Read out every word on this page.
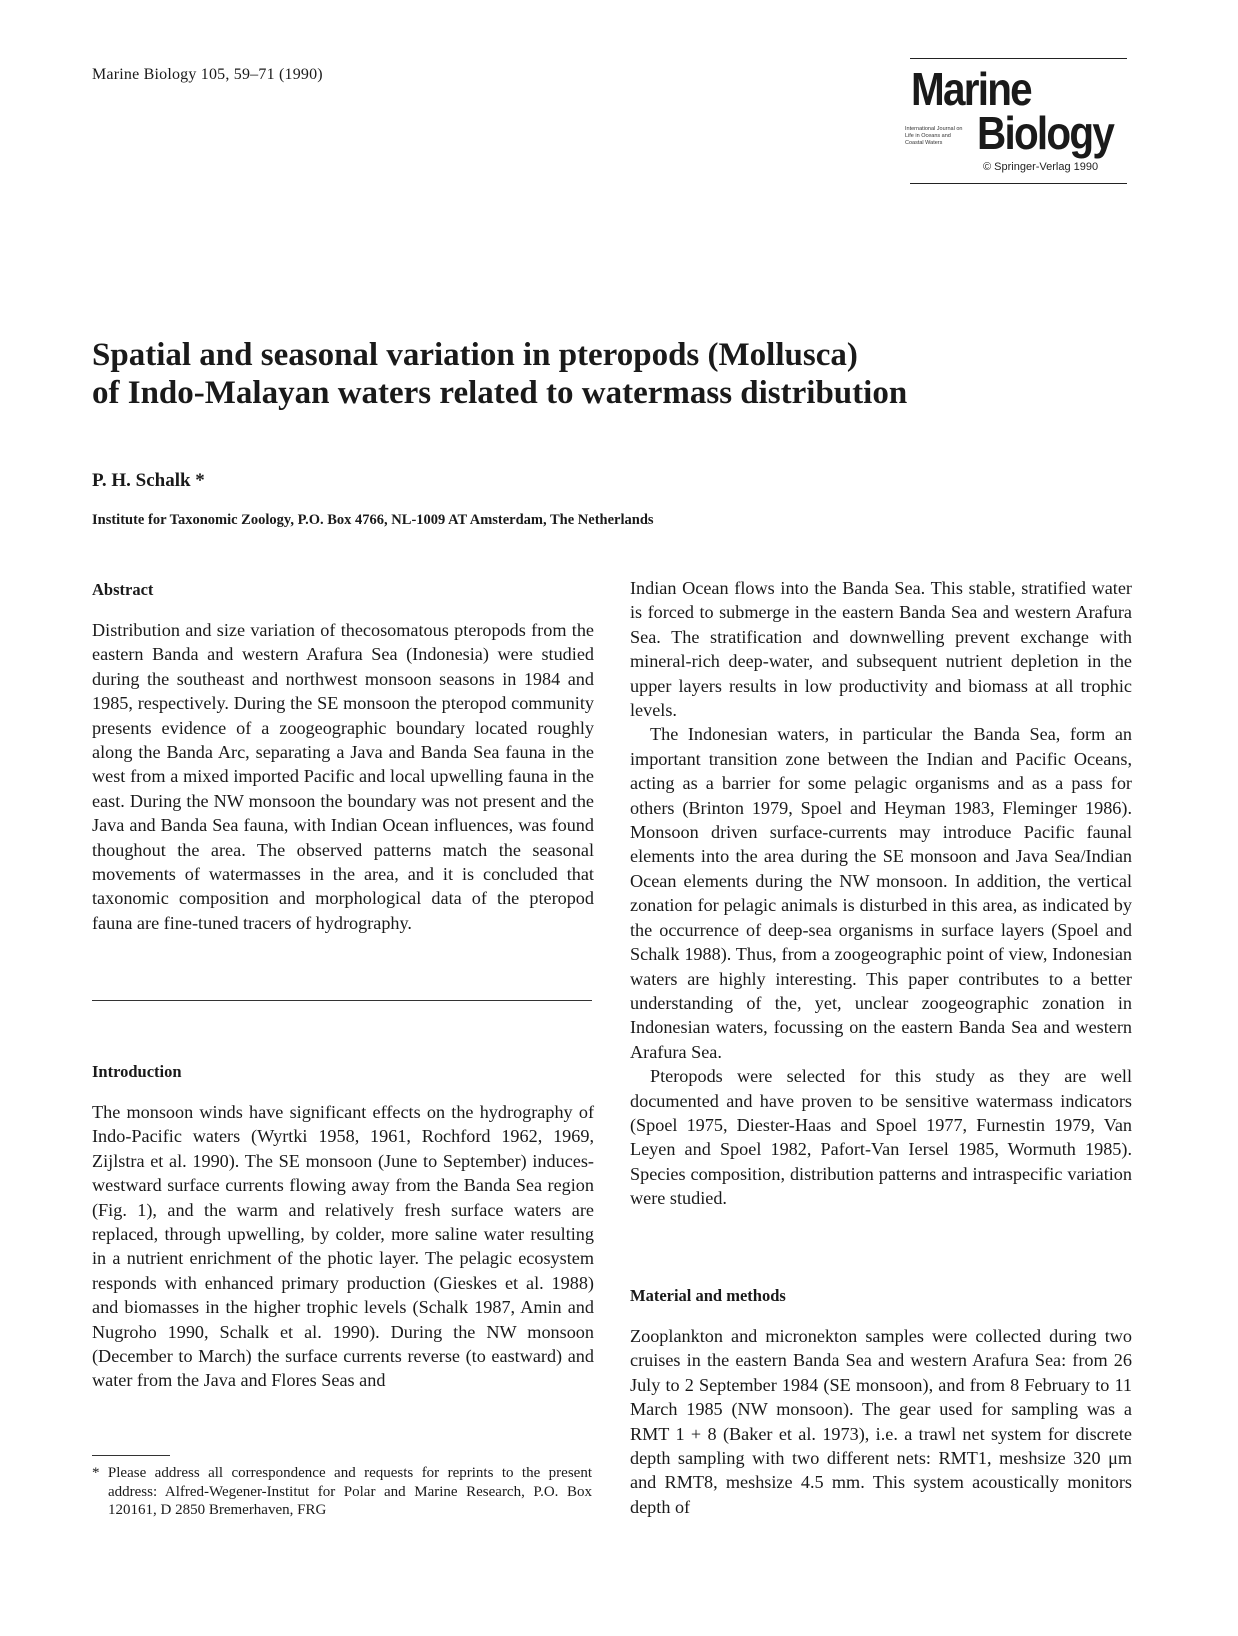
Marine Biology 105, 59–71 (1990)	Marine
International Journal on Life in Oceans and Coastal Waters Biology
© Springer-Verlag 1990
Spatial and seasonal variation in pteropods (Mollusca)
of Indo-Malayan waters related to watermass distribution
P. H. Schalk *
Institute for Taxonomic Zoology, P.O. Box 4766, NL-1009 AT Amsterdam, The Netherlands
Abstract

Distribution and size variation of thecosomatous pteropods from the eastern Banda and western Arafura Sea (Indonesia) were studied during the southeast and northwest monsoon seasons in 1984 and 1985, respectively. During the SE monsoon the pteropod community presents evidence of a zoogeographic boundary located roughly along the Banda Arc, separating a Java and Banda Sea fauna in the west from a mixed imported Pacific and local upwelling fauna in the east. During the NW monsoon the boundary was not present and the Java and Banda Sea fauna, with Indian Ocean influences, was found thoughout the area. The observed patterns match the seasonal movements of watermasses in the area, and it is concluded that taxonomic composition and morphological data of the pteropod fauna are fine-tuned tracers of hydrography.

Introduction

The monsoon winds have significant effects on the hydrography of Indo-Pacific waters (Wyrtki 1958, 1961, Rochford 1962, 1969, Zijlstra et al. 1990). The SE monsoon (June to September) induces-westward surface currents flowing away from the Banda Sea region (Fig. 1), and the warm and relatively fresh surface waters are replaced, through upwelling, by colder, more saline water resulting in a nutrient enrichment of the photic layer. The pelagic ecosystem responds with enhanced primary production (Gieskes et al. 1988) and biomasses in the higher trophic levels (Schalk 1987, Amin and Nugroho 1990, Schalk et al. 1990). During the NW monsoon (December to March) the surface currents reverse (to eastward) and water from the Java and Flores Seas and

* Please address all correspondence and requests for reprints to the present address: Alfred-Wegener-Institut for Polar and Marine Research, P.O. Box 120161, D 2850 Bremerhaven, FRG

Indian Ocean flows into the Banda Sea. This stable, stratified water is forced to submerge in the eastern Banda Sea and western Arafura Sea. The stratification and downwelling prevent exchange with mineral-rich deep-water, and subsequent nutrient depletion in the upper layers results in low productivity and biomass at all trophic levels.

The Indonesian waters, in particular the Banda Sea, form an important transition zone between the Indian and Pacific Oceans, acting as a barrier for some pelagic organisms and as a pass for others (Brinton 1979, Spoel and Heyman 1983, Fleminger 1986). Monsoon driven surface-currents may introduce Pacific faunal elements into the area during the SE monsoon and Java Sea/Indian Ocean elements during the NW monsoon. In addition, the vertical zonation for pelagic animals is disturbed in this area, as indicated by the occurrence of deep-sea organisms in surface layers (Spoel and Schalk 1988). Thus, from a zoogeographic point of view, Indonesian waters are highly interesting. This paper contributes to a better understanding of the, yet, unclear zoogeographic zonation in Indonesian waters, focussing on the eastern Banda Sea and western Arafura Sea.

Pteropods were selected for this study as they are well documented and have proven to be sensitive watermass indicators (Spoel 1975, Diester-Haas and Spoel 1977, Furnestin 1979, Van Leyen and Spoel 1982, Pafort-Van Iersel 1985, Wormuth 1985). Species composition, distribution patterns and intraspecific variation were studied.

Material and methods

Zooplankton and micronekton samples were collected during two cruises in the eastern Banda Sea and western Arafura Sea: from 26 July to 2 September 1984 (SE monsoon), and from 8 February to 11 March 1985 (NW monsoon). The gear used for sampling was a RMT 1 + 8 (Baker et al. 1973), i.e. a trawl net system for discrete depth sampling with two different nets: RMT1, meshsize 320 μm and RMT8, meshsize 4.5 mm. This system acoustically monitors depth of
